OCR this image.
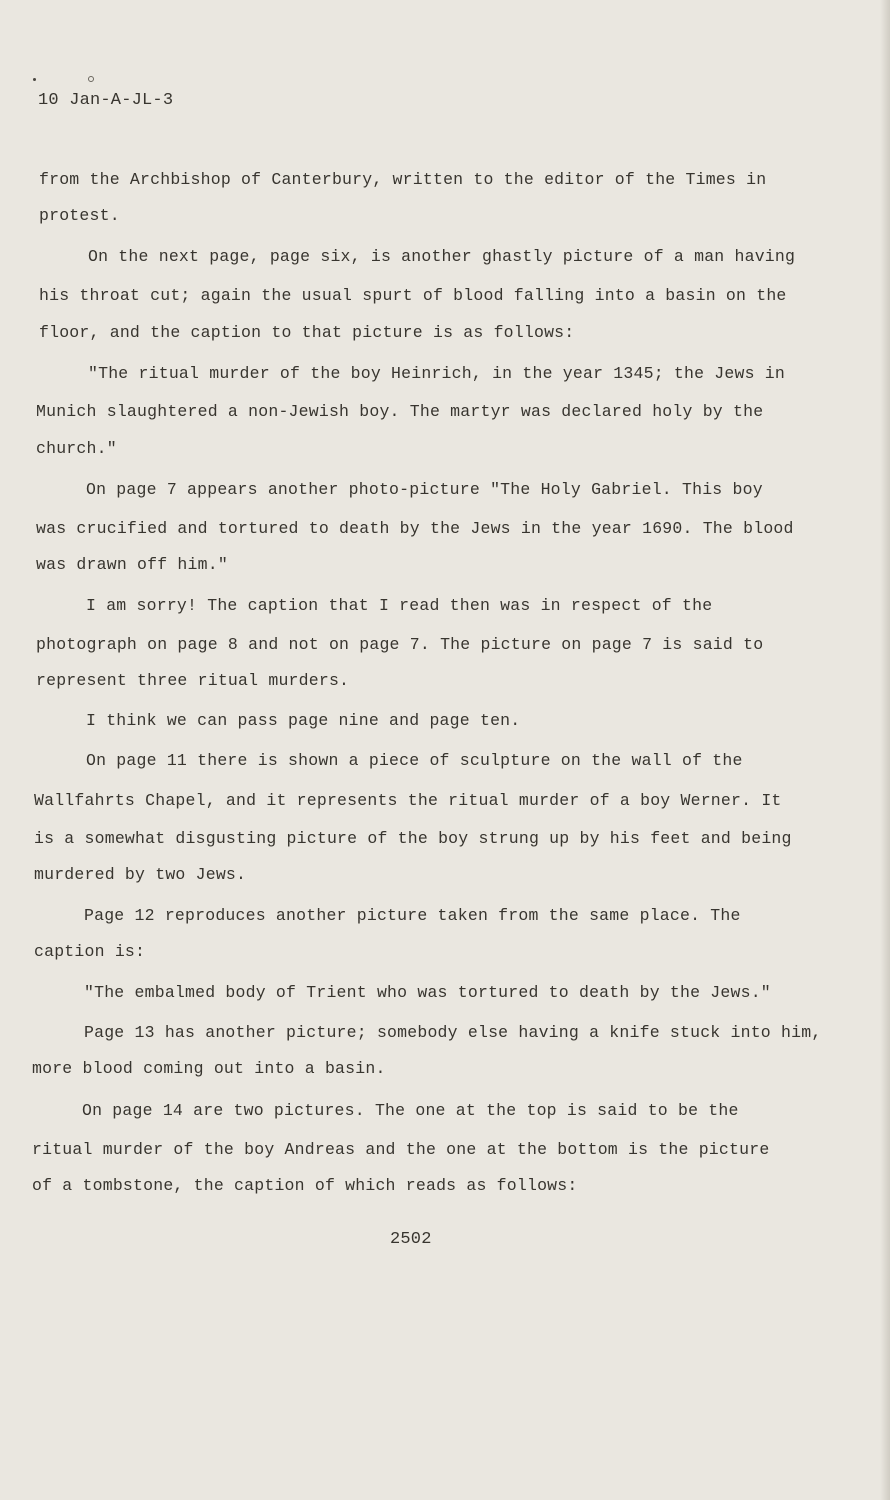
10 Jan-A-JL-3

from the Archbishop of Canterbury, written to the editor of the Times in

protest.

On the next page, page six, is another ghastly picture of a man having

his throat cut; again the usual spurt of blood falling into a basin on the

floor, and the caption to that picture is as follows:

"The ritual murder of the boy Heinrich, in the year 1345; the Jews in

Munich slaughtered a non-Jewish boy. The martyr was declared holy by the

church."

On page 7 appears another photo-picture "The Holy Gabriel. This boy

was crucified and tortured to death by the Jews in the year 1690. The blood

was drawn off him."

I am sorry! The caption that I read then was in respect of the

photograph on page 8 and not on page 7. The picture on page 7 is said to

represent three ritual murders.

I think we can pass page nine and page ten.

On page 11 there is shown a piece of sculpture on the wall of the

Wallfahrts Chapel, and it represents the ritual murder of a boy Werner. It

is a somewhat disgusting picture of the boy strung up by his feet and being

murdered by two Jews.

Page 12 reproduces another picture taken from the same place. The

caption is:

"The embalmed body of Trient who was tortured to death by the Jews."

Page 13 has another picture; somebody else having a knife stuck into him,

more blood coming out into a basin.

On page 14 are two pictures. The one at the top is said to be the

ritual murder of the boy Andreas and the one at the bottom is the picture

of a tombstone, the caption of which reads as follows:

2502
